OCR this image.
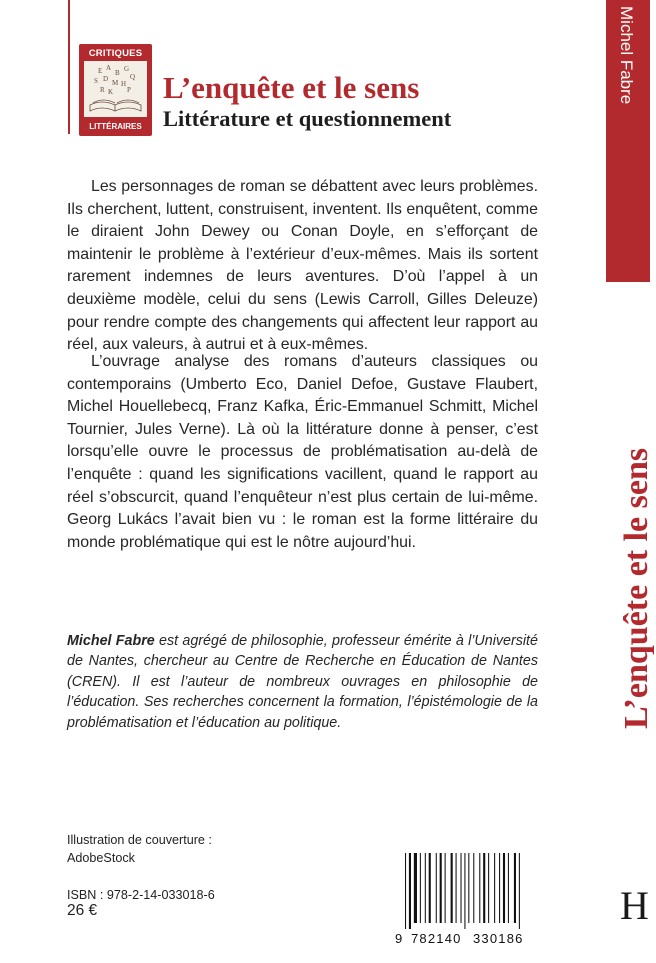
CRITIQUES
E A
B G
Q
S D M H
R K P
LITTÉRAIRES
L’enquête et le sens
Littérature et questionnement

Les personnages de roman se débattent avec leurs problèmes. Ils cherchent, luttent, construisent, inventent. Ils enquêtent, comme le diraient John Dewey ou Conan Doyle, en s’efforçant de maintenir le problème à l’extérieur d’eux-mêmes. Mais ils sortent rarement indemnes de leurs aventures. D’où l’appel à un deuxième modèle, celui du sens (Lewis Carroll, Gilles Deleuze) pour rendre compte des changements qui affectent leur rapport au réel, aux valeurs, à autrui et à eux-mêmes.

L’ouvrage analyse des romans d’auteurs classiques ou contemporains (Umberto Eco, Daniel Defoe, Gustave Flaubert, Michel Houellebecq, Franz Kafka, Éric-Emmanuel Schmitt, Michel Tournier, Jules Verne). Là où la littérature donne à penser, c’est lorsqu’elle ouvre le processus de problématisation au-delà de l’enquête : quand les significations vacillent, quand le rapport au réel s’obscurcit, quand l’enquêteur n’est plus certain de lui-même. Georg Lukács l’avait bien vu : le roman est la forme littéraire du monde problématique qui est le nôtre aujourd’hui.

Michel Fabre est agrégé de philosophie, professeur émérite à l’Université de Nantes, chercheur au Centre de Recherche en Éducation de Nantes (CREN). Il est l’auteur de nombreux ouvrages en philosophie de l’éducation. Ses recherches concernent la formation, l’épistémologie de la problématisation et l’éducation au politique.
Illustration de couverture :
AdobeStock
ISBN : 978-2-14-033018-6
26 €
9 782140 330186
H
Michel Fabre
L’enquête et le sens
